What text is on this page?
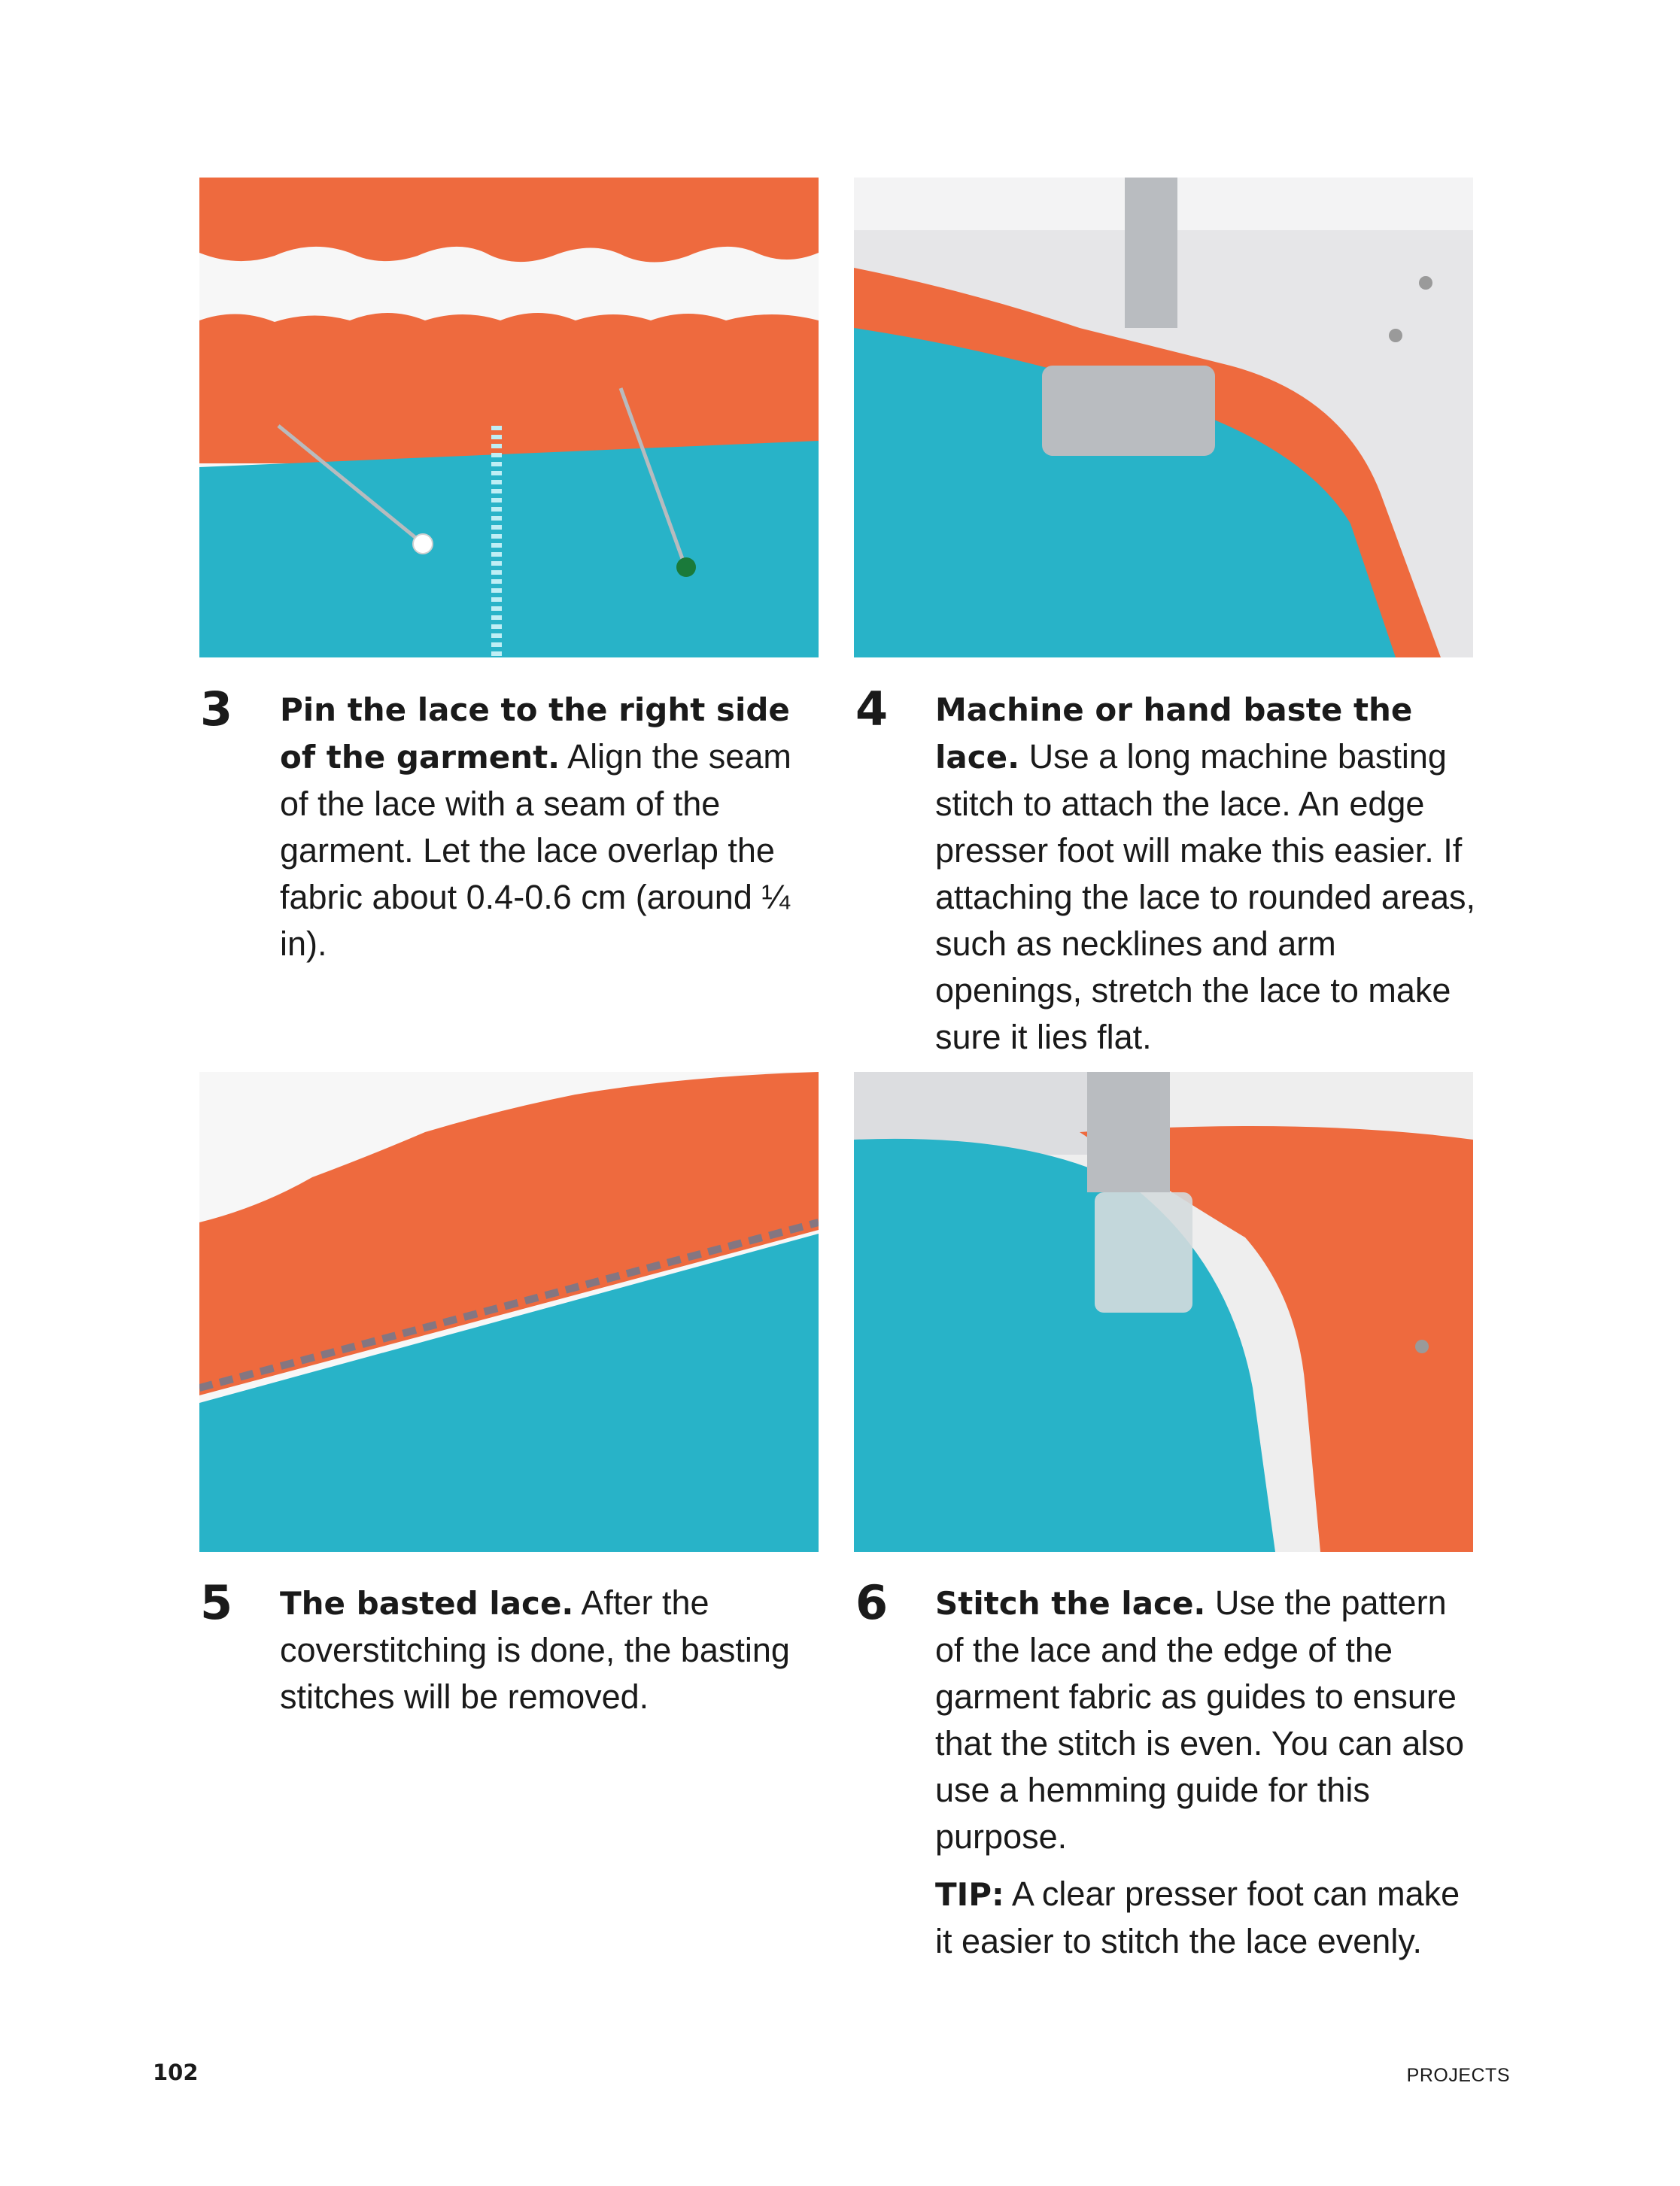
3 Pin the lace to the right side of the garment. Align the seam of the lace with a seam of the garment. Let the lace overlap the fabric about 0.4-0.6 cm (around ¼ in).
4 Machine or hand baste the lace. Use a long machine basting stitch to attach the lace. An edge presser foot will make this easier. If attaching the lace to rounded areas, such as necklines and arm openings, stretch the lace to make sure it lies flat.
5 The basted lace. After the coverstitching is done, the basting stitches will be removed.
6 Stitch the lace. Use the pattern of the lace and the edge of the garment fabric as guides to ensure that the stitch is even. You can also use a hemming guide for this purpose.
TIP: A clear presser foot can make it easier to stitch the lace evenly.
102	PROJECTS
